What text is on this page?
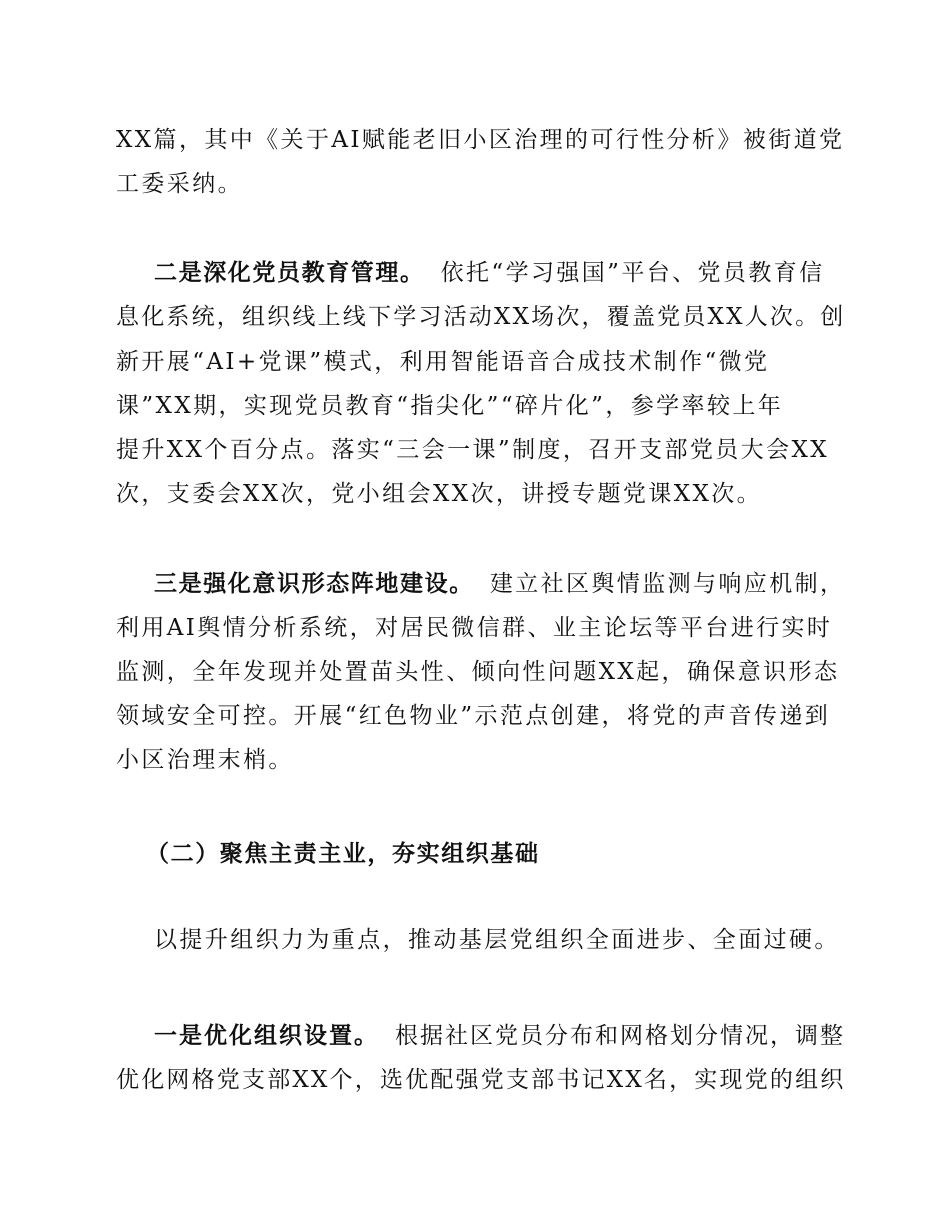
XX篇，其中《关于AI赋能老旧小区治理的可行性分析》被街道党
工委采纳。
二是深化党员教育管理。 依托“学习强国”平台、党员教育信
息化系统，组织线上线下学习活动XX场次，覆盖党员XX人次。创
新开展“AI+党课”模式，利用智能语音合成技术制作“微党
课”XX期，实现党员教育“指尖化”“碎片化”，参学率较上年
提升XX个百分点。落实“三会一课”制度，召开支部党员大会XX
次，支委会XX次，党小组会XX次，讲授专题党课XX次。
三是强化意识形态阵地建设。 建立社区舆情监测与响应机制，
利用AI舆情分析系统，对居民微信群、业主论坛等平台进行实时
监测，全年发现并处置苗头性、倾向性问题XX起，确保意识形态
领域安全可控。开展“红色物业”示范点创建，将党的声音传递到
小区治理末梢。
（二）聚焦主责主业，夯实组织基础
以提升组织力为重点，推动基层党组织全面进步、全面过硬。
一是优化组织设置。 根据社区党员分布和网格划分情况，调整
优化网格党支部XX个，选优配强党支部书记XX名，实现党的组织
